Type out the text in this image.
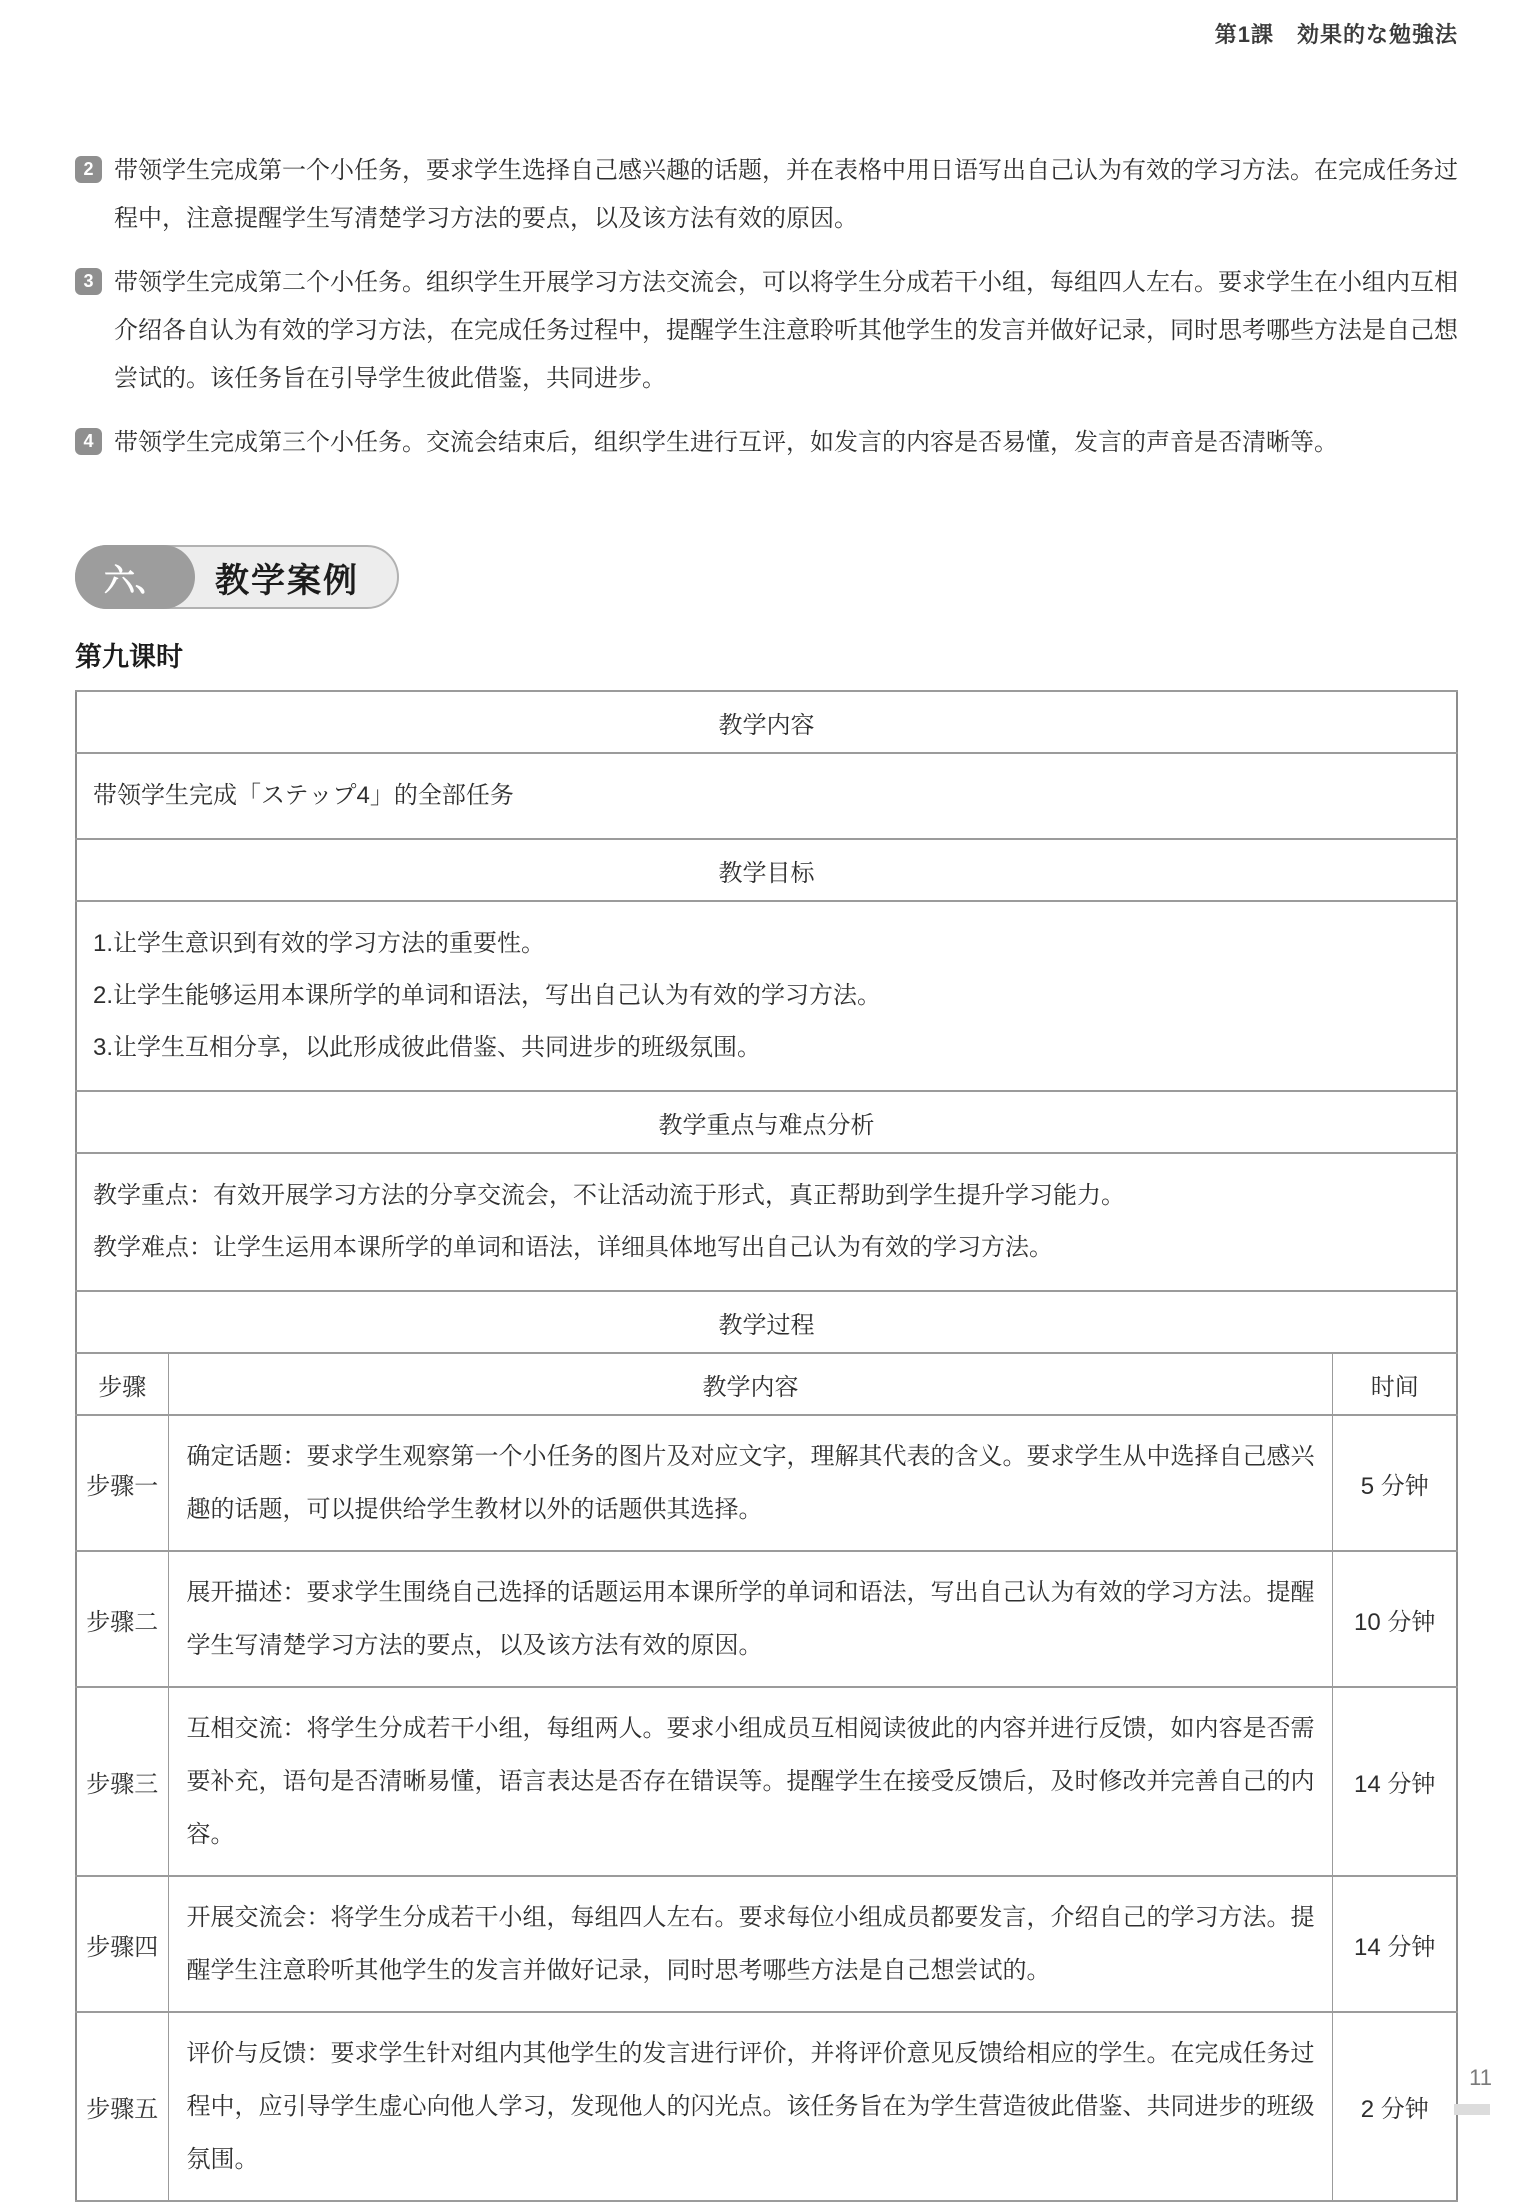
第1課　効果的な勉強法
2 带领学生完成第一个小任务，要求学生选择自己感兴趣的话题，并在表格中用日语写出自己认为有效的学习方法。在完成任务过程中，注意提醒学生写清楚学习方法的要点，以及该方法有效的原因。
3 带领学生完成第二个小任务。组织学生开展学习方法交流会，可以将学生分成若干小组，每组四人左右。要求学生在小组内互相介绍各自认为有效的学习方法，在完成任务过程中，提醒学生注意聆听其他学生的发言并做好记录，同时思考哪些方法是自己想尝试的。该任务旨在引导学生彼此借鉴，共同进步。
4 带领学生完成第三个小任务。交流会结束后，组织学生进行互评，如发言的内容是否易懂，发言的声音是否清晰等。
教学案例
六、
第九课时
教学内容		
带领学生完成「ステップ4」的全部任务		
教学目标		

1.让学生意识到有效的学习方法的重要性。
2.让学生能够运用本课所学的单词和语法，写出自己认为有效的学习方法。
3.让学生互相分享，以此形成彼此借鉴、共同进步的班级氛围。		

教学重点与难点分析		

教学重点：有效开展学习方法的分享交流会，不让活动流于形式，真正帮助到学生提升学习能力。
教学难点：让学生运用本课所学的单词和语法，详细具体地写出自己认为有效的学习方法。		

教学过程		
步骤	教学内容	时间
步骤一	确定话题：要求学生观察第一个小任务的图片及对应文字，理解其代表的含义。要求学生从中选择自己感兴趣的话题，可以提供给学生教材以外的话题供其选择。	5 分钟
步骤二	展开描述：要求学生围绕自己选择的话题运用本课所学的单词和语法，写出自己认为有效的学习方法。提醒学生写清楚学习方法的要点，以及该方法有效的原因。	10 分钟
步骤三	互相交流：将学生分成若干小组，每组两人。要求小组成员互相阅读彼此的内容并进行反馈，如内容是否需要补充，语句是否清晰易懂，语言表达是否存在错误等。提醒学生在接受反馈后，及时修改并完善自己的内容。	14 分钟
步骤四	开展交流会：将学生分成若干小组，每组四人左右。要求每位小组成员都要发言，介绍自己的学习方法。提醒学生注意聆听其他学生的发言并做好记录，同时思考哪些方法是自己想尝试的。	14 分钟
步骤五	评价与反馈：要求学生针对组内其他学生的发言进行评价，并将评价意见反馈给相应的学生。在完成任务过程中，应引导学生虚心向他人学习，发现他人的闪光点。该任务旨在为学生营造彼此借鉴、共同进步的班级氛围。	2 分钟
11
